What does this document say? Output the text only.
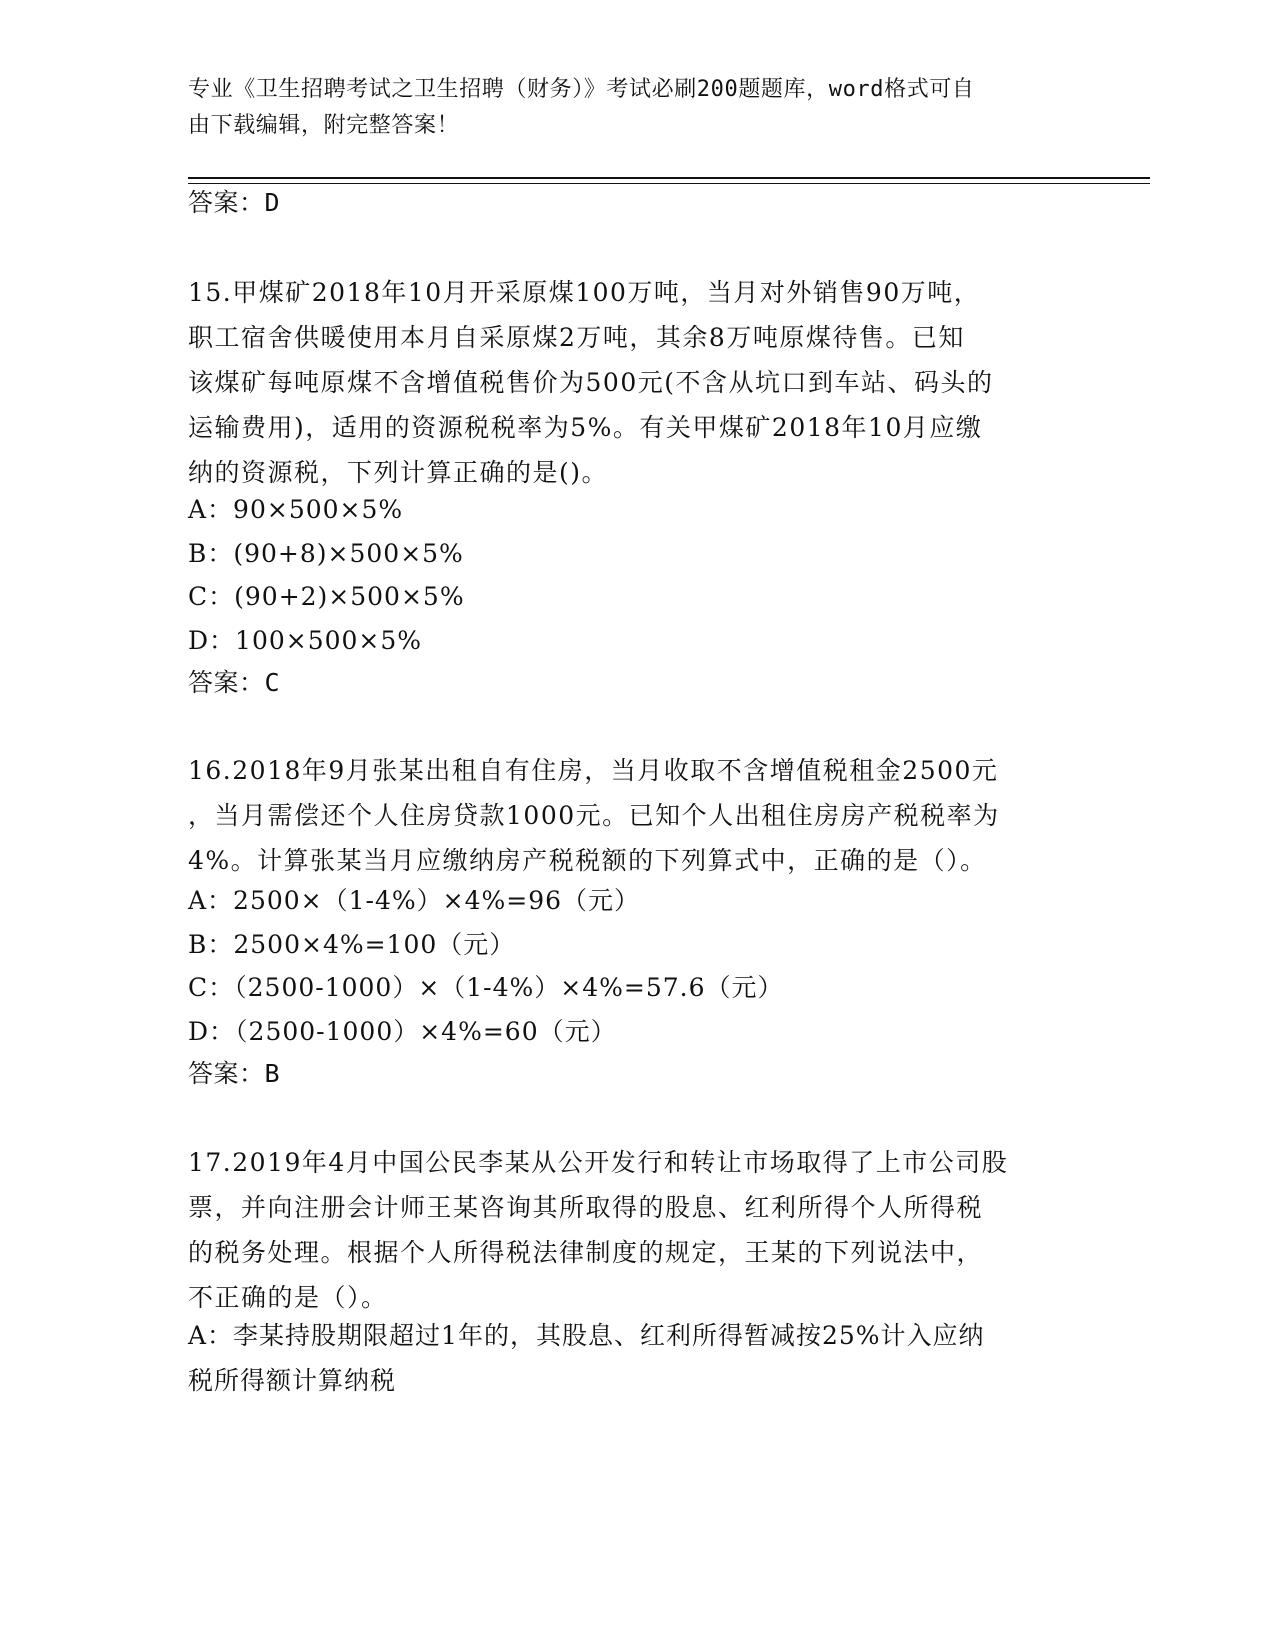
专业《卫生招聘考试之卫生招聘（财务）》考试必刷200题题库，word格式可自
由下载编辑，附完整答案！
答案：D
15.甲煤矿2018年10月开采原煤100万吨，当月对外销售90万吨，
职工宿舍供暖使用本月自采原煤2万吨，其余8万吨原煤待售。已知
该煤矿每吨原煤不含增值税售价为500元(不含从坑口到车站、码头的
运输费用)，适用的资源税税率为5%。有关甲煤矿2018年10月应缴
纳的资源税，下列计算正确的是()。
A：90×500×5%
B：(90+8)×500×5%
C：(90+2)×500×5%
D：100×500×5%
答案：C
16.2018年9月张某出租自有住房，当月收取不含增值税租金2500元
，当月需偿还个人住房贷款1000元。已知个人出租住房房产税税率为
4%。计算张某当月应缴纳房产税税额的下列算式中，正确的是（）。
A：2500×（1-4%）×4%=96（元）
B：2500×4%=100（元）
C：（2500-1000）×（1-4%）×4%=57.6（元）
D：（2500-1000）×4%=60（元）
答案：B
17.2019年4月中国公民李某从公开发行和转让市场取得了上市公司股
票，并向注册会计师王某咨询其所取得的股息、红利所得个人所得税
的税务处理。根据个人所得税法律制度的规定，王某的下列说法中，
不正确的是（）。
A：李某持股期限超过1年的，其股息、红利所得暂减按25%计入应纳
税所得额计算纳税
